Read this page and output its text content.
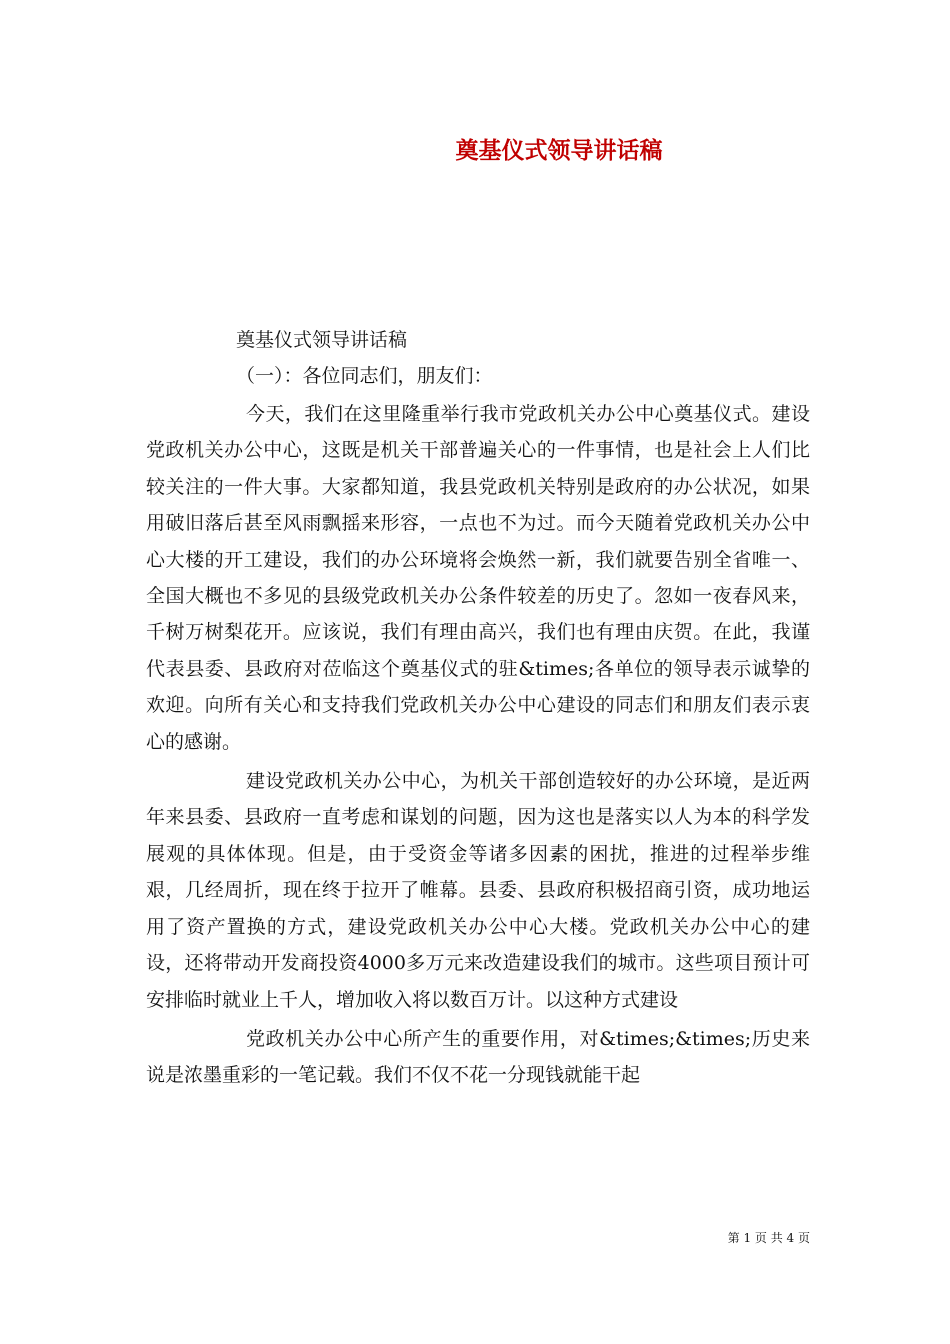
奠基仪式领导讲话稿

奠基仪式领导讲话稿

（一）：各位同志们，朋友们：

今天，我们在这里隆重举行我市党政机关办公中心奠基仪式。建设党政机关办公中心，这既是机关干部普遍关心的一件事情，也是社会上人们比较关注的一件大事。大家都知道，我县党政机关特别是政府的办公状况，如果用破旧落后甚至风雨飘摇来形容，一点也不为过。而今天随着党政机关办公中心大楼的开工建设，我们的办公环境将会焕然一新，我们就要告别全省唯一、全国大概也不多见的县级党政机关办公条件较差的历史了。忽如一夜春风来，千树万树梨花开。应该说，我们有理由高兴，我们也有理由庆贺。在此，我谨代表县委、县政府对莅临这个奠基仪式的驻&times;各单位的领导表示诚挚的欢迎。向所有关心和支持我们党政机关办公中心建设的同志们和朋友们表示衷心的感谢。

建设党政机关办公中心，为机关干部创造较好的办公环境，是近两年来县委、县政府一直考虑和谋划的问题，因为这也是落实以人为本的科学发展观的具体体现。但是，由于受资金等诸多因素的困扰，推进的过程举步维艰，几经周折，现在终于拉开了帷幕。县委、县政府积极招商引资，成功地运用了资产置换的方式，建设党政机关办公中心大楼。党政机关办公中心的建设，还将带动开发商投资4000多万元来改造建设我们的城市。这些项目预计可安排临时就业上千人，增加收入将以数百万计。以这种方式建设

党政机关办公中心所产生的重要作用，对&times;&times;历史来说是浓墨重彩的一笔记载。我们不仅不花一分现钱就能干起

第 1 页 共 4 页
